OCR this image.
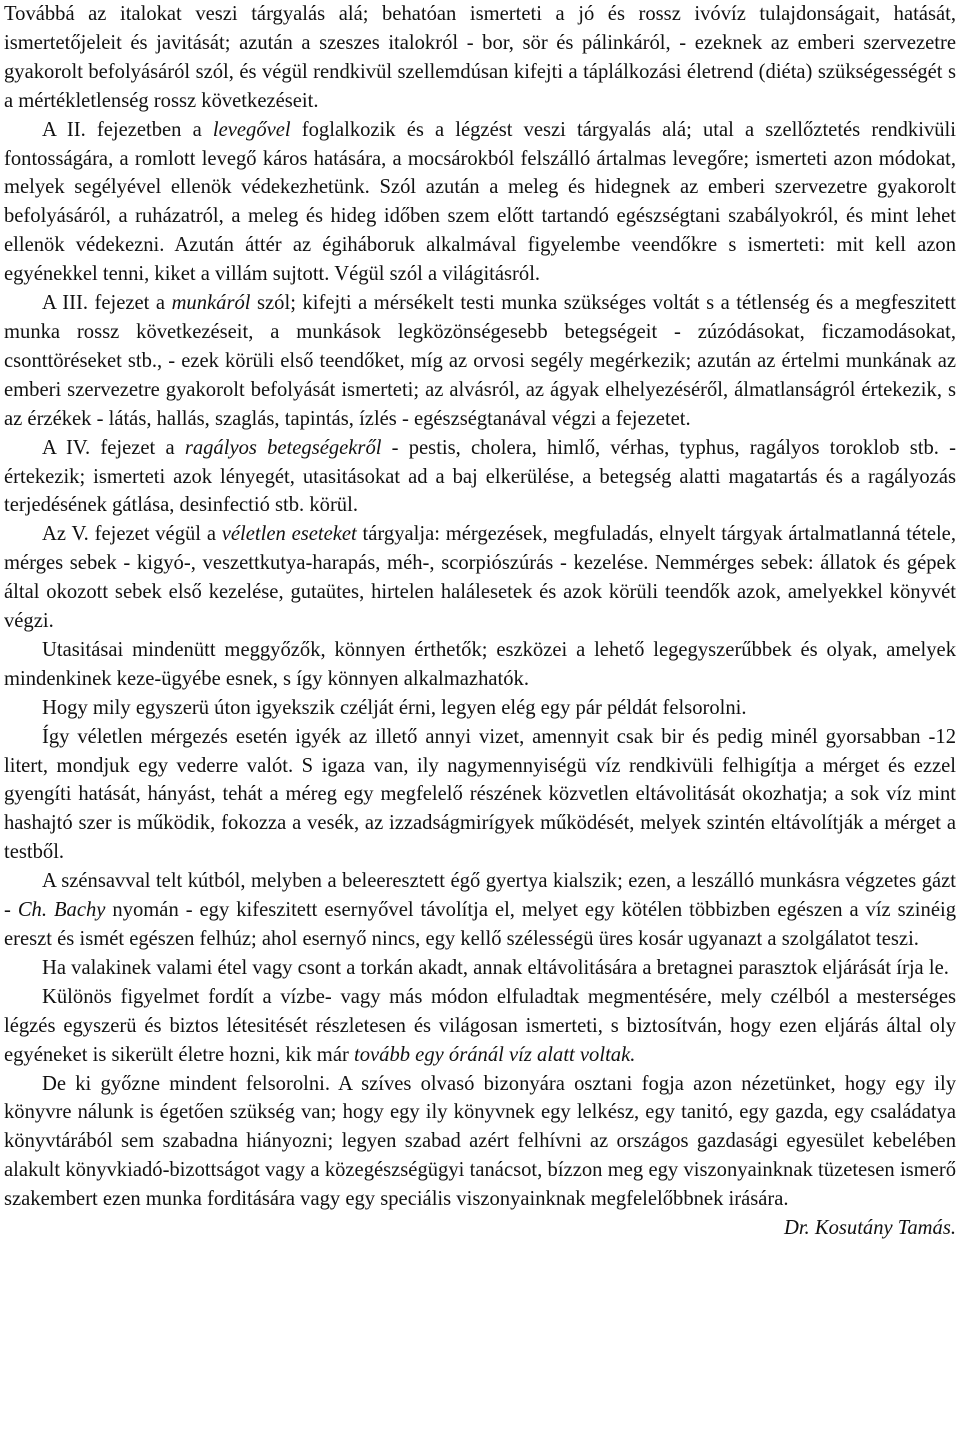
Továbbá az italokat veszi tárgyalás alá; behatóan ismerteti a jó és rossz ivóvíz tulajdonságait, hatását, ismertetőjeleit és javitását; azután a szeszes italokról - bor, sör és pálinkáról, - ezeknek az emberi szervezetre gyakorolt befolyásáról szól, és végül rendkivül szellemdúsan kifejti a táplálkozási életrend (diéta) szükségességét s a mértékletlenség rossz következéseit.

A II. fejezetben a levegővel foglalkozik és a légzést veszi tárgyalás alá; utal a szellőztetés rendkivüli fontosságára, a romlott levegő káros hatására, a mocsárokból felszálló ártalmas levegőre; ismerteti azon módokat, melyek segélyével ellenök védekezhetünk. Szól azután a meleg és hidegnek az emberi szervezetre gyakorolt befolyásáról, a ruházatról, a meleg és hideg időben szem előtt tartandó egészségtani szabályokról, és mint lehet ellenök védekezni. Azután áttér az égiháboruk alkalmával figyelembe veendőkre s ismerteti: mit kell azon egyénekkel tenni, kiket a villám sujtott. Végül szól a világitásról.

A III. fejezet a munkáról szól; kifejti a mérsékelt testi munka szükséges voltát s a tétlenség és a megfeszitett munka rossz következéseit, a munkások legközönségesebb betegségeit - zúzódásokat, ficzamodásokat, csonttöréseket stb., - ezek körüli első teendőket, míg az orvosi segély megérkezik; azután az értelmi munkának az emberi szervezetre gyakorolt befolyását ismerteti; az alvásról, az ágyak elhelyezéséről, álmatlanságról értekezik, s az érzékek - látás, hallás, szaglás, tapintás, ízlés - egészségtanával végzi a fejezetet.

A IV. fejezet a ragályos betegségekről - pestis, cholera, himlő, vérhas, typhus, ragályos toroklob stb. - értekezik; ismerteti azok lényegét, utasitásokat ad a baj elkerülése, a betegség alatti magatartás és a ragályozás terjedésének gátlása, desinfectió stb. körül.

Az V. fejezet végül a véletlen eseteket tárgyalja: mérgezések, megfuladás, elnyelt tárgyak ártalmatlanná tétele, mérges sebek - kigyó-, veszettkutya-harapás, méh-, scorpiószúrás - kezelése. Nemmérges sebek: állatok és gépek által okozott sebek első kezelése, gutaütes, hirtelen halálesetek és azok körüli teendők azok, amelyekkel könyvét végzi.

Utasitásai mindenütt meggyőzők, könnyen érthetők; eszközei a lehető legegyszerűbbek és olyak, amelyek mindenkinek keze-ügyébe esnek, s így könnyen alkalmazhatók.

Hogy mily egyszerü úton igyekszik czélját érni, legyen elég egy pár példát felsorolni.

Így véletlen mérgezés esetén igyék az illető annyi vizet, amennyit csak bir és pedig minél gyorsabban -12 litert, mondjuk egy vederre valót. S igaza van, ily nagymennyiségü víz rendkivüli felhigítja a mérget és ezzel gyengíti hatását, hányást, tehát a méreg egy megfelelő részének közvetlen eltávolitását okozhatja; a sok víz mint hashajtó szer is működik, fokozza a vesék, az izzadságmirígyek működését, melyek szintén eltávolítják a mérget a testből.

A szénsavval telt kútból, melyben a beleeresztett égő gyertya kialszik; ezen, a leszálló munkásra végzetes gázt - Ch. Bachy nyomán - egy kifeszitett esernyővel távolítja el, melyet egy kötélen többizben egészen a víz szinéig ereszt és ismét egészen felhúz; ahol esernyő nincs, egy kellő szélességü üres kosár ugyanazt a szolgálatot teszi.

Ha valakinek valami étel vagy csont a torkán akadt, annak eltávolitására a bretagnei parasztok eljárását írja le.

Különös figyelmet fordít a vízbe- vagy más módon elfuladtak megmentésére, mely czélból a mesterséges légzés egyszerü és biztos létesitését részletesen és világosan ismerteti, s biztosítván, hogy ezen eljárás által oly egyéneket is sikerült életre hozni, kik már tovább egy óránál víz alatt voltak.

De ki győzne mindent felsorolni. A szíves olvasó bizonyára osztani fogja azon nézetünket, hogy egy ily könyvre nálunk is égetően szükség van; hogy egy ily könyvnek egy lelkész, egy tanitó, egy gazda, egy családatya könyvtárából sem szabadna hiányozni; legyen szabad azért felhívni az országos gazdasági egyesület kebelében alakult könyvkiadó-bizottságot vagy a közegészségügyi tanácsot, bízzon meg egy viszonyainknak tüzetesen ismerő szakembert ezen munka forditására vagy egy speciális viszonyainknak megfelelőbbnek irására.

Dr. Kosutány Tamás.
